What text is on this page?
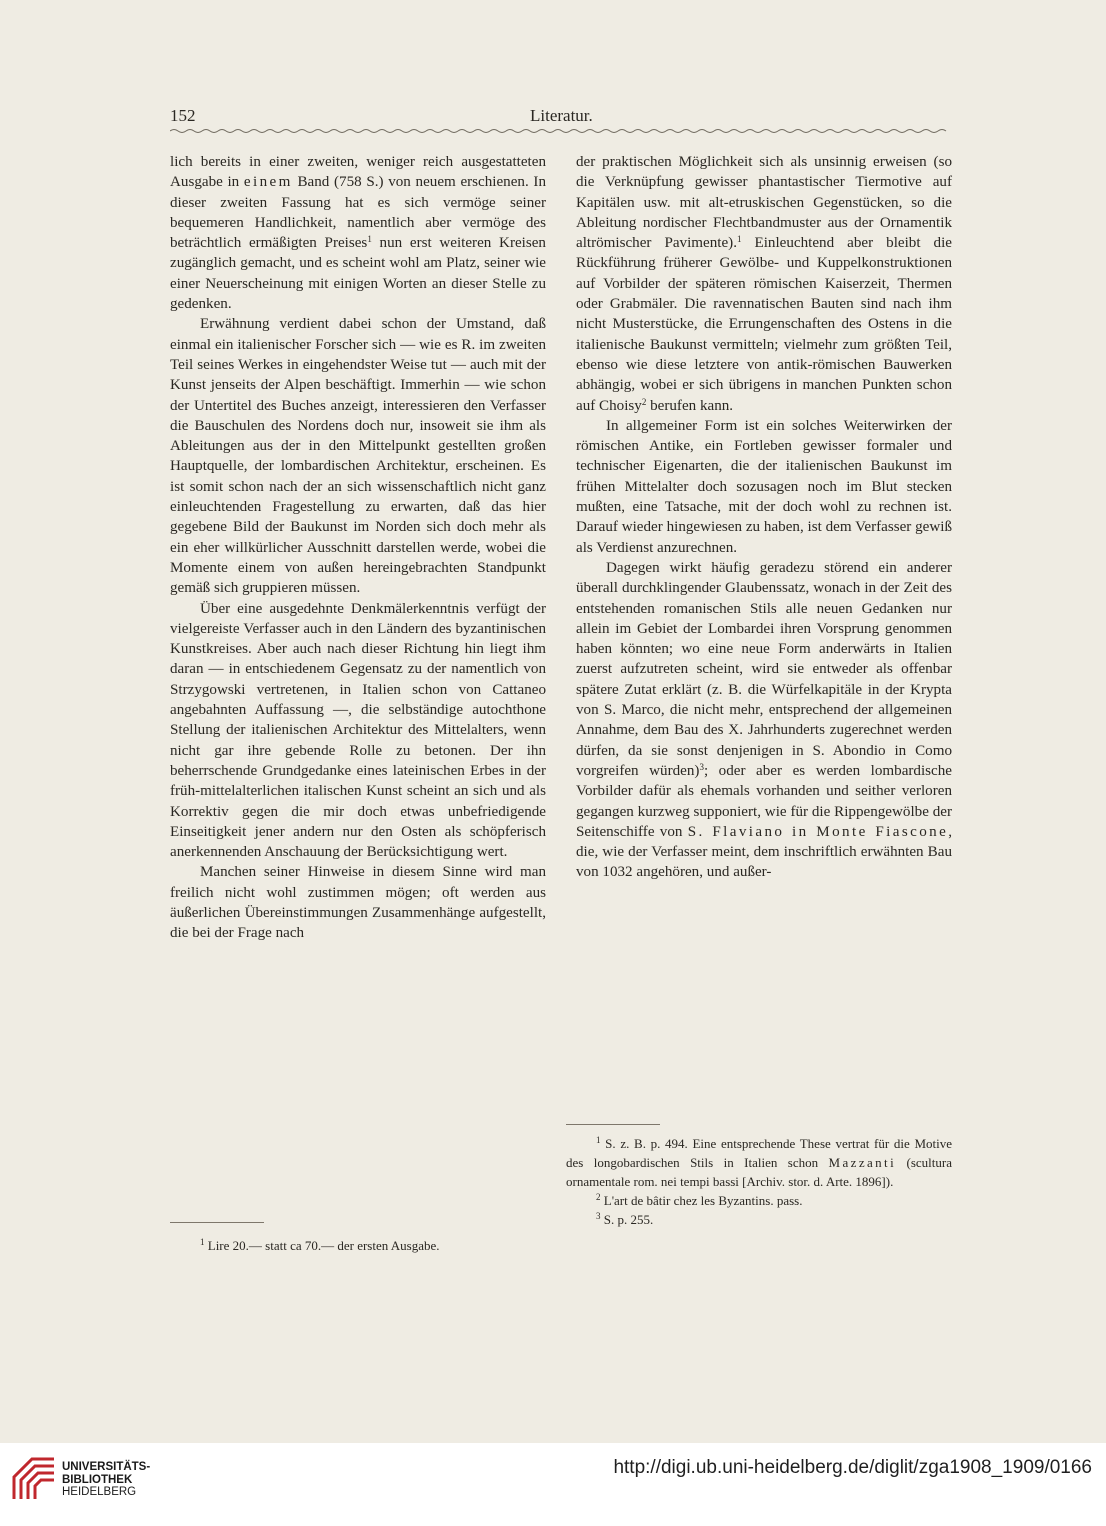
152	Literatur.

lich bereits in einer zweiten, weniger reich ausgestatteten Ausgabe in einem Band (758 S.) von neuem erschienen. In dieser zweiten Fassung hat es sich vermöge seiner bequemeren Handlichkeit, namentlich aber vermöge des beträchtlich ermäßigten Preises$^1$ nun erst weiteren Kreisen zugänglich gemacht, und es scheint wohl am Platz, seiner wie einer Neuerscheinung mit einigen Worten an dieser Stelle zu gedenken.

Erwähnung verdient dabei schon der Umstand, daß einmal ein italienischer Forscher sich — wie es R. im zweiten Teil seines Werkes in eingehendster Weise tut — auch mit der Kunst jenseits der Alpen beschäftigt. Immerhin — wie schon der Untertitel des Buches anzeigt, interessieren den Verfasser die Bauschulen des Nordens doch nur, insoweit sie ihm als Ableitungen aus der in den Mittelpunkt gestellten großen Hauptquelle, der lombardischen Architektur, erscheinen. Es ist somit schon nach der an sich wissenschaftlich nicht ganz einleuchtenden Fragestellung zu erwarten, daß das hier gegebene Bild der Baukunst im Norden sich doch mehr als ein eher willkürlicher Ausschnitt darstellen werde, wobei die Momente einem von außen hereingebrachten Standpunkt gemäß sich gruppieren müssen.

Über eine ausgedehnte Denkmälerkenntnis verfügt der vielgereiste Verfasser auch in den Ländern des byzantinischen Kunstkreises. Aber auch nach dieser Richtung hin liegt ihm daran — in entschiedenem Gegensatz zu der namentlich von Strzygowski vertretenen, in Italien schon von Cattaneo angebahnten Auffassung —, die selbständige autochthone Stellung der italienischen Architektur des Mittelalters, wenn nicht gar ihre gebende Rolle zu betonen. Der ihn beherrschende Grundgedanke eines lateinischen Erbes in der früh-mittelalterlichen italischen Kunst scheint an sich und als Korrektiv gegen die mir doch etwas unbefriedigende Einseitigkeit jener andern nur den Osten als schöpferisch anerkennenden Anschauung der Berücksichtigung wert.

Manchen seiner Hinweise in diesem Sinne wird man freilich nicht wohl zustimmen mögen; oft werden aus äußerlichen Übereinstimmungen Zusammenhänge aufgestellt, die bei der Frage nach

der praktischen Möglichkeit sich als unsinnig erweisen (so die Verknüpfung gewisser phantastischer Tiermotive auf Kapitälen usw. mit alt-etruskischen Gegenstücken, so die Ableitung nordischer Flechtbandmuster aus der Ornamentik altrömischer Pavimente).$^1$ Einleuchtend aber bleibt die Rückführung früherer Gewölbe- und Kuppelkonstruktionen auf Vorbilder der späteren römischen Kaiserzeit, Thermen oder Grabmäler. Die ravennatischen Bauten sind nach ihm nicht Musterstücke, die Errungenschaften des Ostens in die italienische Baukunst vermitteln; vielmehr zum größten Teil, ebenso wie diese letztere von antik-römischen Bauwerken abhängig, wobei er sich übrigens in manchen Punkten schon auf Choisy$^2$ berufen kann.

In allgemeiner Form ist ein solches Weiterwirken der römischen Antike, ein Fortleben gewisser formaler und technischer Eigenarten, die der italienischen Baukunst im frühen Mittelalter doch sozusagen noch im Blut stecken mußten, eine Tatsache, mit der doch wohl zu rechnen ist. Darauf wieder hingewiesen zu haben, ist dem Verfasser gewiß als Verdienst anzurechnen.

Dagegen wirkt häufig geradezu störend ein anderer überall durchklingender Glaubenssatz, wonach in der Zeit des entstehenden romanischen Stils alle neuen Gedanken nur allein im Gebiet der Lombardei ihren Vorsprung genommen haben könnten; wo eine neue Form anderwärts in Italien zuerst aufzutreten scheint, wird sie entweder als offenbar spätere Zutat erklärt (z. B. die Würfelkapitäle in der Krypta von S. Marco, die nicht mehr, entsprechend der allgemeinen Annahme, dem Bau des X. Jahrhunderts zugerechnet werden dürfen, da sie sonst denjenigen in S. Abondio in Como vorgreifen würden)$^3$; oder aber es werden lombardische Vorbilder dafür als ehemals vorhanden und seither verloren gegangen kurzweg supponiert, wie für die Rippengewölbe der Seitenschiffe von S. Flaviano in Monte Fiascone, die, wie der Verfasser meint, dem inschriftlich erwähnten Bau von 1032 angehören, und außer-

$^1$ Lire 20.— statt ca 70.— der ersten Ausgabe.

$^1$ S. z. B. p. 494. Eine entsprechende These vertrat für die Motive des longobardischen Stils in Italien schon Mazzanti (scultura ornamentale rom. nei tempi bassi [Archiv. stor. d. Arte. 1896]).

$^2$ L'art de bâtir chez les Byzantins. pass.

$^3$ S. p. 255.

UNIVERSITÄTS-
BIBLIOTHEK
HEIDELBERG
http://digi.ub.uni-heidelberg.de/diglit/zga1908_1909/0166
